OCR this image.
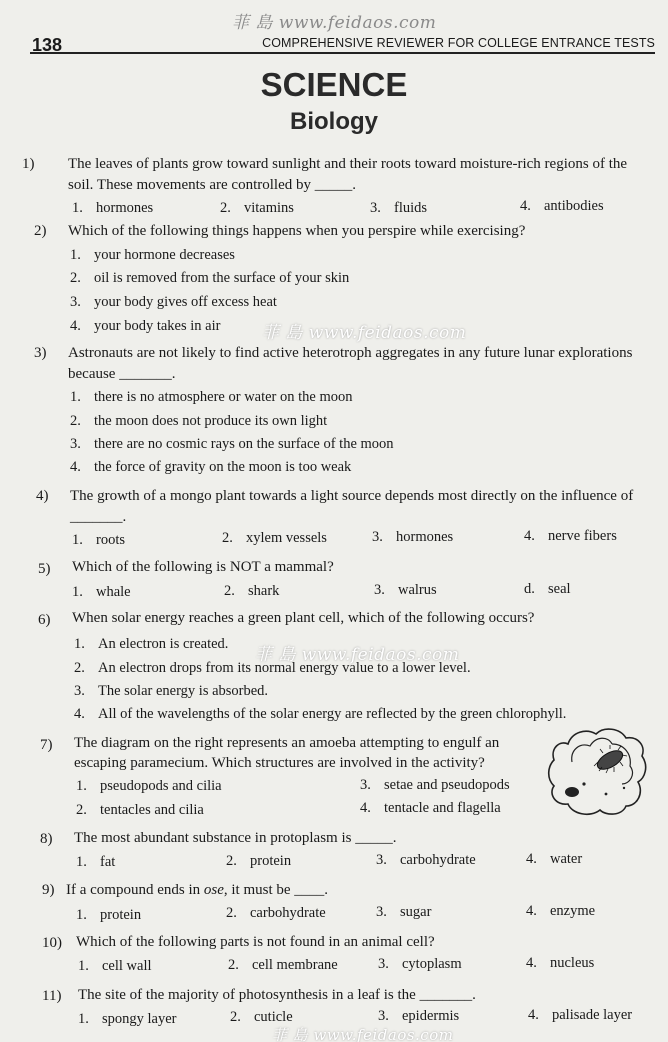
菲 島 www.feidaos.com
菲 島 www.feidaos.com
菲 島 www.feidaos.com
菲 島 www.feidaos.com
138	COMPREHENSIVE REVIEWER FOR COLLEGE ENTRANCE TESTS
SCIENCE
Biology
1) The leaves of plants grow toward sunlight and their roots toward moisture-rich regions of the
soil. These movements are controlled by _____.
1. hormones	2. vitamins	3. fluids	4. antibodies
2) Which of the following things happens when you perspire while exercising?
1. your hormone decreases
2. oil is removed from the surface of your skin
3. your body gives off excess heat
4. your body takes in air
3) Astronauts are not likely to find active heterotroph aggregates in any future lunar explorations
because _______.
1. there is no atmosphere or water on the moon
2. the moon does not produce its own light
3. there are no cosmic rays on the surface of the moon
4. the force of gravity on the moon is too weak
4) The growth of a mongo plant towards a light source depends most directly on the influence of
_______.
1. roots	2. xylem vessels	3. hormones	4. nerve fibers
5) Which of the following is NOT a mammal?
1. whale	2. shark	3. walrus	d. seal
6) When solar energy reaches a green plant cell, which of the following occurs?
1. An electron is created.
2. An electron drops from its normal energy value to a lower level.
3. The solar energy is absorbed.
4. All of the wavelengths of the solar energy are reflected by the green chlorophyll.
7) The diagram on the right represents an amoeba attempting to engulf an
escaping paramecium. Which structures are involved in the activity?
1. pseudopods and cilia	3. setae and pseudopods
2. tentacles and cilia	4. tentacle and flagella
8) The most abundant substance in protoplasm is _____.
1. fat	2. protein	3. carbohydrate	4. water
9) If a compound ends in ose, it must be ____.
1. protein	2. carbohydrate	3. sugar	4. enzyme
10) Which of the following parts is not found in an animal cell?
1. cell wall	2. cell membrane	3. cytoplasm	4. nucleus
11) The site of the majority of photosynthesis in a leaf is the _______.
1. spongy layer	2. cuticle	3. epidermis	4. palisade layer
